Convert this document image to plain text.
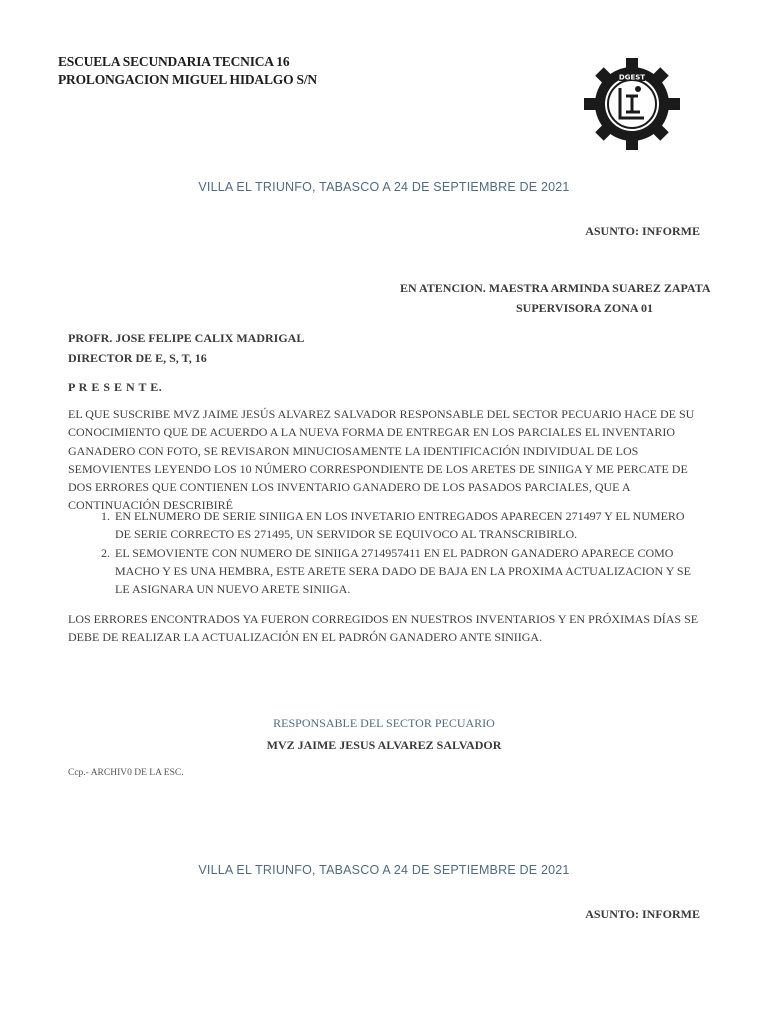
ESCUELA SECUNDARIA TECNICA 16
PROLONGACION MIGUEL HIDALGO S/N	DGEST
VILLA EL TRIUNFO, TABASCO A 24 DE SEPTIEMBRE DE 2021
ASUNTO: INFORME
EN ATENCION. MAESTRA ARMINDA SUAREZ ZAPATA
SUPERVISORA ZONA 01
PROFR. JOSE FELIPE CALIX MADRIGAL
DIRECTOR DE E, S, T, 16
P R E S E N T E.
EL QUE SUSCRIBE MVZ JAIME JESÚS ALVAREZ SALVADOR RESPONSABLE DEL SECTOR PECUARIO HACE DE SU CONOCIMIENTO QUE DE ACUERDO A LA NUEVA FORMA DE ENTREGAR EN LOS PARCIALES EL INVENTARIO GANADERO CON FOTO, SE REVISARON MINUCIOSAMENTE LA IDENTIFICACIÓN INDIVIDUAL DE LOS SEMOVIENTES LEYENDO LOS 10 NÚMERO CORRESPONDIENTE DE LOS ARETES DE SINIIGA Y ME PERCATE DE DOS ERRORES QUE CONTIENEN LOS INVENTARIO GANADERO DE LOS PASADOS PARCIALES, QUE A CONTINUACIÓN DESCRIBIRÉ
1. EN ELNUMERO DE SERIE SINIIGA EN LOS INVETARIO ENTREGADOS APARECEN 271497 Y EL NUMERO DE SERIE CORRECTO ES 271495, UN SERVIDOR SE EQUIVOCO AL TRANSCRIBIRLO.
2. EL SEMOVIENTE CON NUMERO DE SINIIGA 2714957411 EN EL PADRON GANADERO APARECE COMO MACHO Y ES UNA HEMBRA, ESTE ARETE SERA DADO DE BAJA EN LA PROXIMA ACTUALIZACION Y SE LE ASIGNARA UN NUEVO ARETE SINIIGA.
LOS ERRORES ENCONTRADOS YA FUERON CORREGIDOS EN NUESTROS INVENTARIOS Y EN PRÓXIMAS DÍAS SE DEBE DE REALIZAR LA ACTUALIZACIÓN EN EL PADRÓN GANADERO ANTE SINIIGA.
RESPONSABLE DEL SECTOR PECUARIO
MVZ JAIME JESUS ALVAREZ SALVADOR
Ccp.- ARCHIV0 DE LA ESC.
VILLA EL TRIUNFO, TABASCO A 24 DE SEPTIEMBRE DE 2021
ASUNTO: INFORME
